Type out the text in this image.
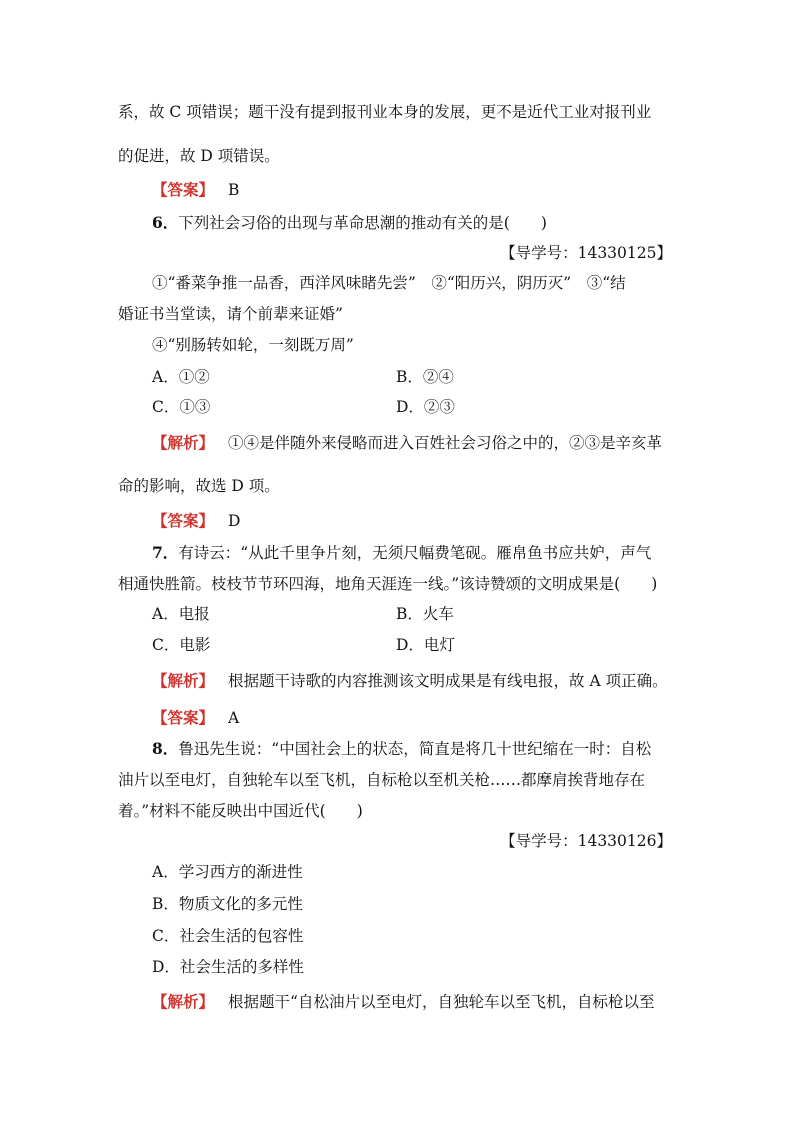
系，故 C 项错误；题干没有提到报刊业本身的发展，更不是近代工业对报刊业
的促进，故 D 项错误。
【答案】 B
6．下列社会习俗的出现与革命思潮的推动有关的是(　　)
【导学号：14330125】
①“番菜争推一品香，西洋风味睹先尝”　②“阳历兴，阴历灭”　③“结
婚证书当堂读，请个前辈来证婚”
④“别肠转如轮，一刻既万周”
A．①②	B．②④
C．①③	D．②③
【解析】 ①④是伴随外来侵略而进入百姓社会习俗之中的，②③是辛亥革
命的影响，故选 D 项。
【答案】 D
7．有诗云：“从此千里争片刻，无须尺幅费笔砚。雁帛鱼书应共妒，声气
相通快胜箭。枝枝节节环四海，地角天涯连一线。”该诗赞颂的文明成果是(　　)
A．电报	B．火车
C．电影	D．电灯
【解析】 根据题干诗歌的内容推测该文明成果是有线电报，故 A 项正确。
【答案】 A
8．鲁迅先生说：“中国社会上的状态，简直是将几十世纪缩在一时：自松
油片以至电灯，自独轮车以至飞机，自标枪以至机关枪……都摩肩挨背地存在
着。”材料不能反映出中国近代(　　)
【导学号：14330126】
A．学习西方的渐进性
B．物质文化的多元性
C．社会生活的包容性
D．社会生活的多样性
【解析】 根据题干“自松油片以至电灯，自独轮车以至飞机，自标枪以至
